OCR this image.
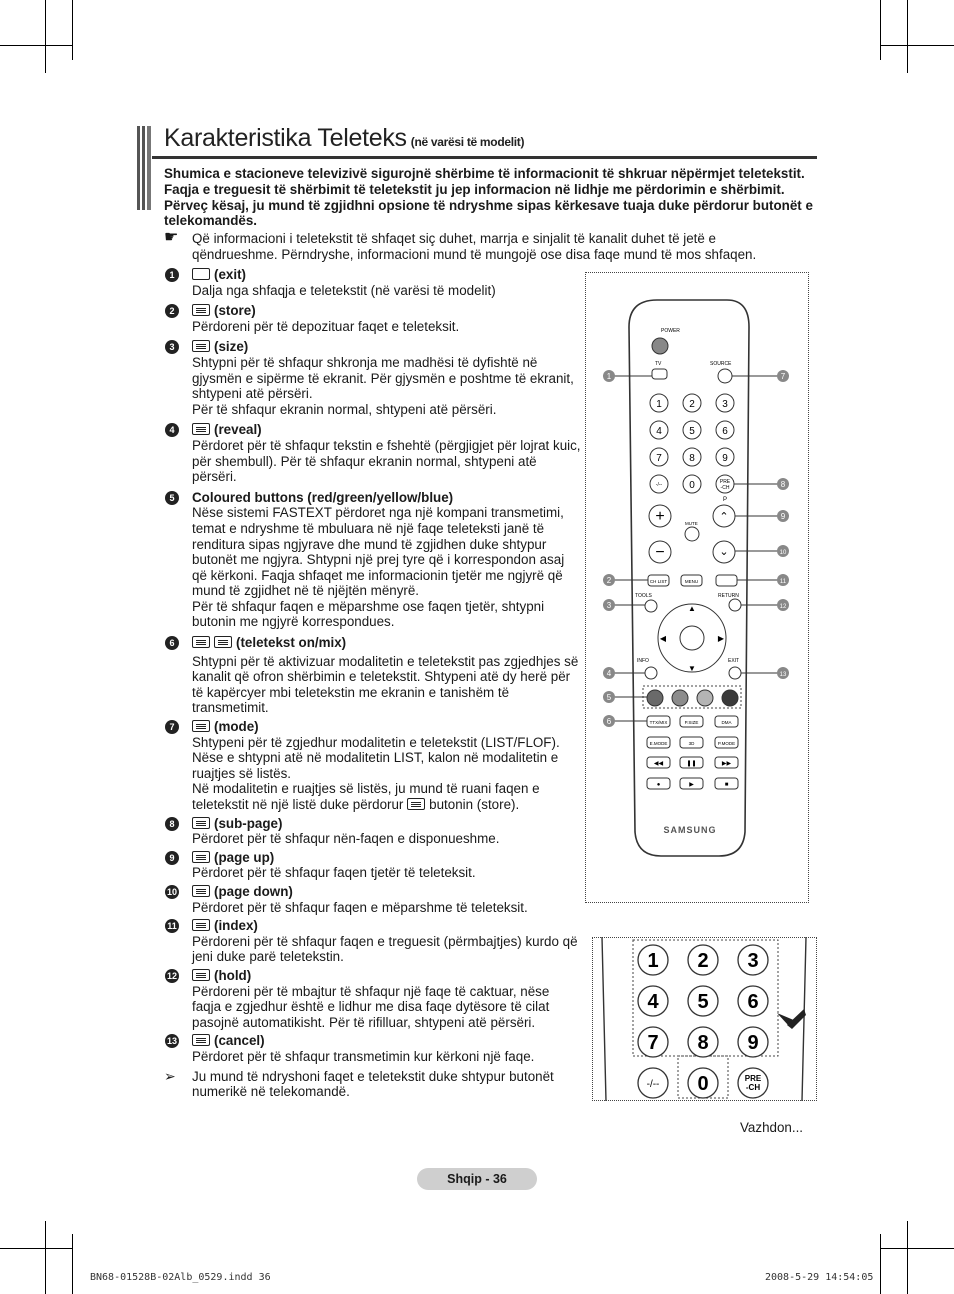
Karakteristika Teleteks (në varësi të modelit)
Shumica e stacioneve televizivë sigurojnë shërbime të informacionit të shkruar nëpërmjet teletekstit. Faqja e treguesit të shërbimit të teletekstit ju jep informacion në lidhje me përdorimin e shërbimit. Përveç kësaj, ju mund të zgjidhni opsione të ndryshme sipas kërkesave tuaja duke përdorur butonët e telekomandës.
☛	Që informacioni i teletekstit të shfaqet siç duhet, marrja e sinjalit të kanalit duhet të jetë e qëndrueshme. Përndryshe, informacioni mund të mungojë ose disa faqe mund të mos shfaqen.
1	(exit)
Dalja nga shfaqja e teletekstit (në varësi të modelit)
2	(store)
Përdoreni për të depozituar faqet e teleteksit.
3	(size)
Shtypni për të shfaqur shkronja me madhësi të dyfishtë në gjysmën e sipërme të ekranit. Për gjysmën e poshtme të ekranit, shtypeni atë përsëri.
Për të shfaqur ekranin normal, shtypeni atë përsëri.
4	(reveal)
Përdoret për të shfaqur tekstin e fshehtë (përgjigjet për lojrat kuic, për shembull). Për të shfaqur ekranin normal, shtypeni atë përsëri.
5	Coloured buttons (red/green/yellow/blue)
Nëse sistemi FASTEXT përdoret nga një kompani transmetimi, temat e ndryshme të mbuluara në një faqe teleteksti janë të renditura sipas ngjyrave dhe mund të zgjidhen duke shtypur butonët me ngjyra. Shtypni një prej tyre që i korrespondon asaj që kërkoni. Faqja shfaqet me informacionin tjetër me ngjyrë që mund të zgjidhet në të njëjtën mënyrë.
Për të shfaqur faqen e mëparshme ose faqen tjetër, shtypni butonin me ngjyrë korrespondues.
6	(teletekst on/mix)
Shtypni për të aktivizuar modalitetin e teletekstit pas zgjedhjes së kanalit që ofron shërbimin e teletekstit. Shtypeni atë dy herë për të kapërcyer mbi teletekstin me ekranin e tanishëm të transmetimit.
7	(mode)
Shtypeni për të zgjedhur modalitetin e teletekstit (LIST/FLOF). Nëse e shtypni atë në modalitetin LIST, kalon në modalitetin e ruajtjes së listës.
Në modalitetin e ruajtjes së listës, ju mund të ruani faqen e teletekstit në një listë duke përdorur butonin (store).
8	(sub-page)
Përdoret për të shfaqur nën-faqen e disponueshme.
9	(page up)
Përdoret për të shfaqur faqen tjetër të teleteksit.
10	(page down)
Përdoret për të shfaqur faqen e mëparshme të teleteksit.
11	(index)
Përdoreni për të shfaqur faqen e treguesit (përmbajtjes) kurdo që jeni duke parë teletekstin.
12	(hold)
Përdoreni për të mbajtur të shfaqur një faqe të caktuar, nëse faqja e zgjedhur është e lidhur me disa faqe dytësore të cilat pasojnë automatikisht. Për të rifilluar, shtypeni atë përsëri.
13	(cancel)
Përdoret për të shfaqur transmetimin kur kërkoni një faqe.
➢ Ju mund të ndryshoni faqet e teletekstit duke shtypur butonët numerikë në telekomandë.
POWER
TV	SOURCE
1	2	3
4	5	6
7	8	9
-/--	0	PRE
-CH
P
+	⌃
MUTE
−	⌄
CH LIST	MENU
TOOLS	RETURN
▲
▼
◀	▶
INFO	EXIT
TTX/MIX	P.SIZE	DMA
E.MODE	3D	P.MODE
◀◀	❚❚	▶▶
●	▶	■
SAMSUNG
1
2
3
4
5
6
7
8
9
10
11
12
13
1 2 3
4 5 6
7 8 9
-/-- 0	PRE
-CH
Vazhdon...
Shqip - 36
BN68-01528B-02Alb_0529.indd 36	2008-5-29 14:54:05
